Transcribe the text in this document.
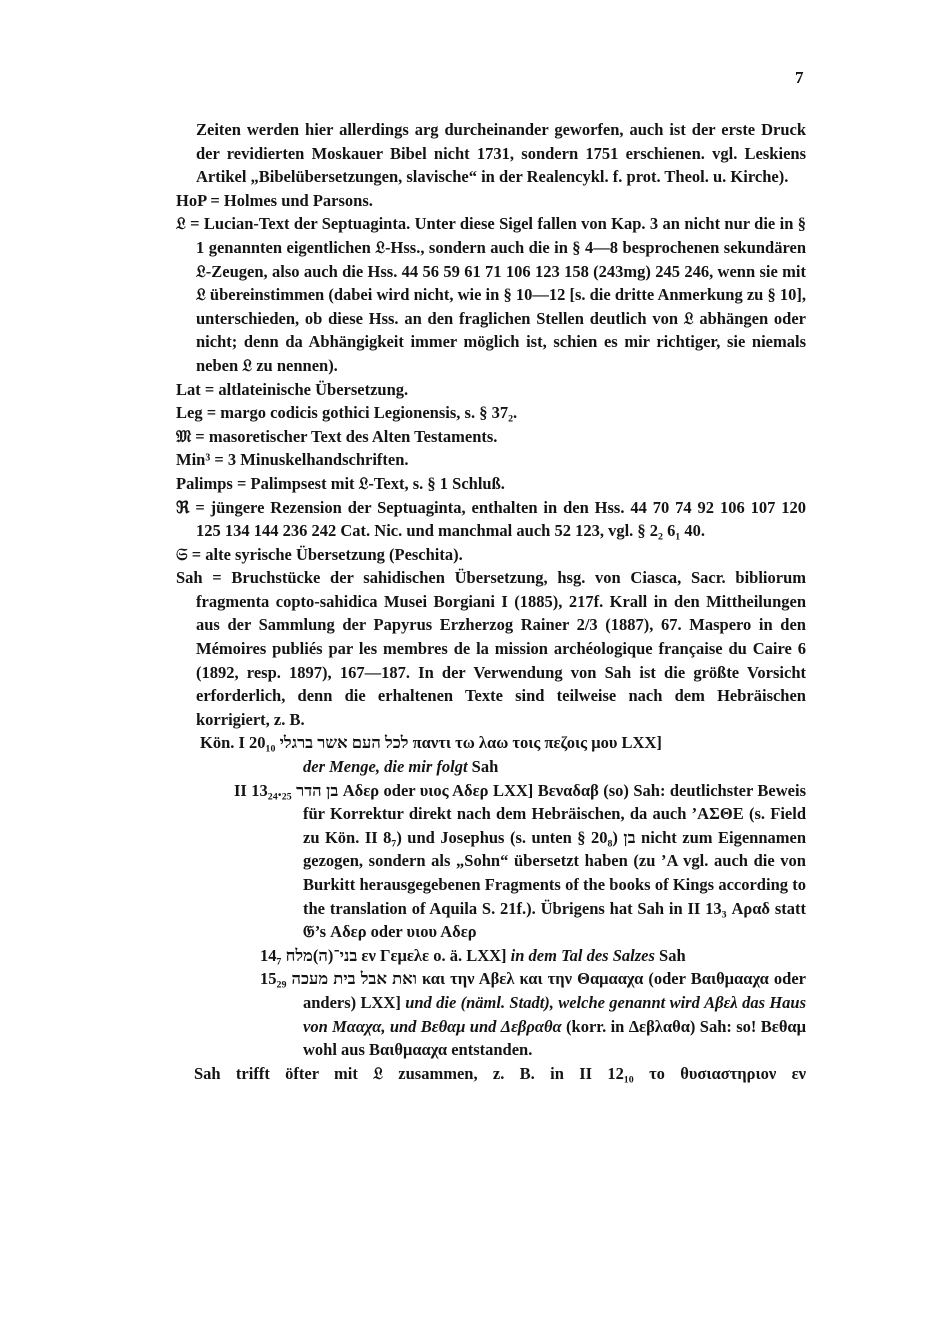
7

Zeiten werden hier allerdings arg durcheinander geworfen, auch ist der erste Druck der revidierten Moskauer Bibel nicht 1731, sondern 1751 erschienen. vgl. Leskiens Artikel „Bibelübersetzungen, slavische“ in der Realencykl. f. prot. Theol. u. Kirche).

HoP = Holmes und Parsons.

𝔏 = Lucian-Text der Septuaginta. Unter diese Sigel fallen von Kap. 3 an nicht nur die in § 1 genannten eigentlichen 𝔏-Hss., sondern auch die in § 4—8 besprochenen sekundären 𝔏-Zeugen, also auch die Hss. 44 56 59 61 71 106 123 158 (243mg) 245 246, wenn sie mit 𝔏 übereinstimmen (dabei wird nicht, wie in § 10—12 [s. die dritte Anmerkung zu § 10], unterschieden, ob diese Hss. an den fraglichen Stellen deutlich von 𝔏 abhängen oder nicht; denn da Abhängigkeit immer möglich ist, schien es mir richtiger, sie niemals neben 𝔏 zu nennen).

Lat = altlateinische Übersetzung.

Leg = margo codicis gothici Legionensis, s. § 37₂.

𝔐 = masoretischer Text des Alten Testaments.

Min³ = 3 Minuskelhandschriften.

Palimps = Palimpsest mit 𝔏-Text, s. § 1 Schluß.

ℜ = jüngere Rezension der Septuaginta, enthalten in den Hss. 44 70 74 92 106 107 120 125 134 144 236 242 Cat. Nic. und manchmal auch 52 123, vgl. § 2₂ 6₁ 40.

𝔖 = alte syrische Übersetzung (Peschita).

Sah = Bruchstücke der sahidischen Übersetzung, hsg. von Ciasca, Sacr. bibliorum fragmenta copto-sahidica Musei Borgiani I (1885), 217f. Krall in den Mittheilungen aus der Sammlung der Papyrus Erzherzog Rainer 2/3 (1887), 67. Maspero in den Mémoires publiés par les membres de la mission archéologique française du Caire 6 (1892, resp. 1897), 167—187. In der Verwendung von Sah ist die größte Vorsicht erforderlich, denn die erhaltenen Texte sind teilweise nach dem Hebräischen korrigiert, z. B.

Kön. I 20₁₀ לכל העם אשר ברגלי παντι τω λαω τοις πεζοις μου LXX]
der Menge, die mir folgt Sah

II 13₂₄.₂₅ בן הדר Αδερ oder υιος Αδερ LXX] Βεναδαβ (so) Sah: deutlichster Beweis für Korrektur direkt nach dem Hebräischen, da auch ’ΑΣΘΕ (s. Field zu Kön. II 8₇) und Josephus (s. unten § 20₈) בן nicht zum Eigennamen gezogen, sondern als „Sohn“ übersetzt haben (zu ’Α vgl. auch die von Burkitt herausgegebenen Fragments of the books of Kings according to the translation of Aquila S. 21f.). Übrigens hat Sah in II 13₃ Αραδ statt 𝔊’s Αδερ oder υιου Αδερ

14₇ בני־(ה)מלח εν Γεμελε o. ä. LXX] in dem Tal des Salzes Sah

15₂₉ ואת אבל בית מעכה και την Αβελ και την Θαμααχα (oder Βαιθμααχα oder anders) LXX] und die (näml. Stadt), welche genannt wird Αβελ das Haus von Μααχα, und Βεθαμ und Δεβραθα (korr. in Δεβλαθα) Sah: so! Βεθαμ wohl aus Βαιθμααχα entstanden.

Sah trifft öfter mit 𝔏 zusammen, z. B. in II 12₁₀ το θυσιαστηριον εν
